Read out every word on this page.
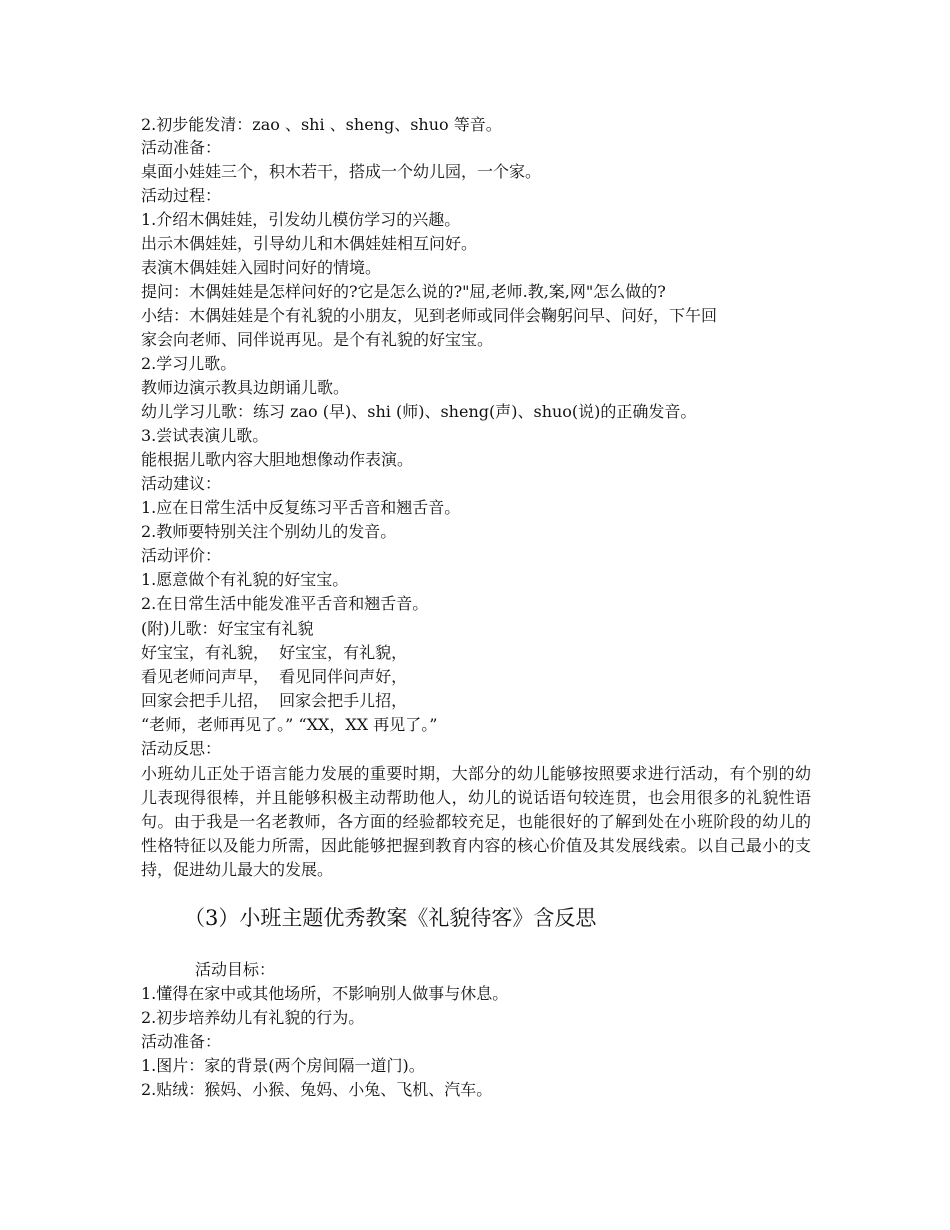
2.初步能发清：zao 、shi 、sheng、shuo 等音。
活动准备：
桌面小娃娃三个，积木若干，搭成一个幼儿园，一个家。
活动过程：
1.介绍木偶娃娃，引发幼儿模仿学习的兴趣。
出示木偶娃娃，引导幼儿和木偶娃娃相互问好。
表演木偶娃娃入园时问好的情境。
提问：木偶娃娃是怎样问好的?它是怎么说的?"屈,老师.教,案,网"怎么做的?
小结：木偶娃娃是个有礼貌的小朋友，见到老师或同伴会鞠躬问早、问好，下午回
家会向老师、同伴说再见。是个有礼貌的好宝宝。
2.学习儿歌。
教师边演示教具边朗诵儿歌。
幼儿学习儿歌：练习 zao (早)、shi (师)、sheng(声)、shuo(说)的正确发音。
3.尝试表演儿歌。
能根据儿歌内容大胆地想像动作表演。
活动建议：
1.应在日常生活中反复练习平舌音和翘舌音。
2.教师要特别关注个别幼儿的发音。
活动评价：
1.愿意做个有礼貌的好宝宝。
2.在日常生活中能发准平舌音和翘舌音。
(附)儿歌：好宝宝有礼貌
好宝宝，有礼貌，  好宝宝，有礼貌，
看见老师问声早，  看见同伴问声好，
回家会把手儿招，  回家会把手儿招，
“老师，老师再见了。” “XX，XX 再见了。”
活动反思：
小班幼儿正处于语言能力发展的重要时期，大部分的幼儿能够按照要求进行活动，有个别的幼儿表现得很棒，并且能够积极主动帮助他人，幼儿的说话语句较连贯，也会用很多的礼貌性语句。由于我是一名老教师，各方面的经验都较充足，也能很好的了解到处在小班阶段的幼儿的性格特征以及能力所需，因此能够把握到教育内容的核心价值及其发展线索。以自己最小的支持，促进幼儿最大的发展。
（3）小班主题优秀教案《礼貌待客》含反思
活动目标：
1.懂得在家中或其他场所，不影响别人做事与休息。
2.初步培养幼儿有礼貌的行为。
活动准备：
1.图片：家的背景(两个房间隔一道门)。
2.贴绒：猴妈、小猴、兔妈、小兔、飞机、汽车。
